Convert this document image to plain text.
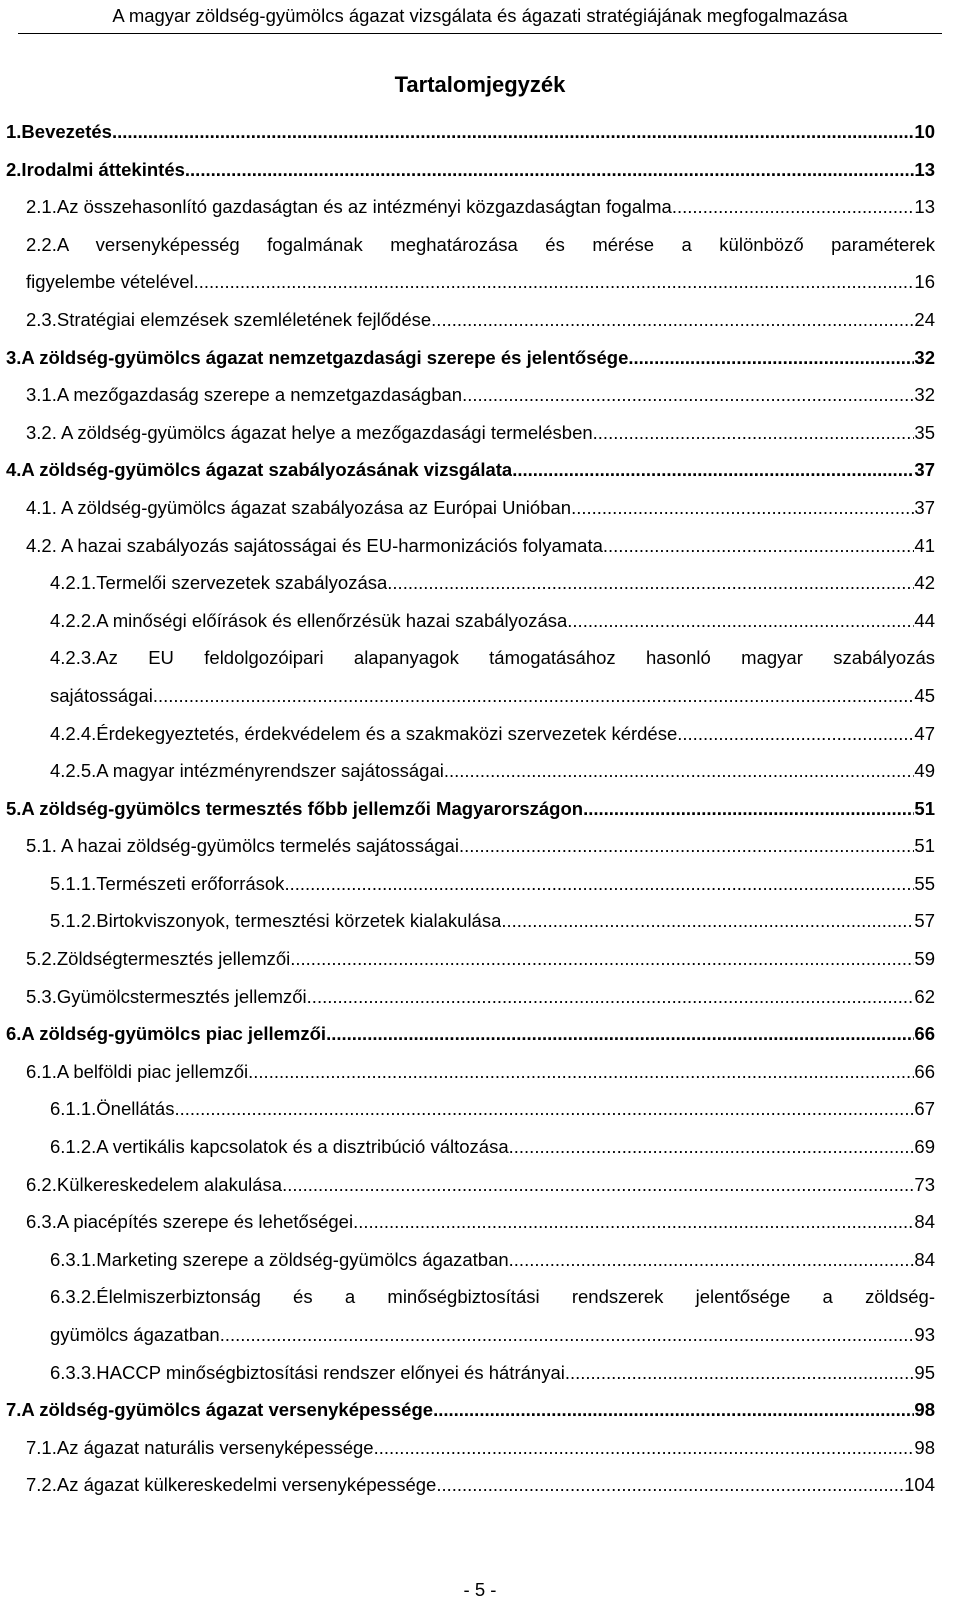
A magyar zöldség-gyümölcs ágazat vizsgálata és ágazati stratégiájának megfogalmazása
Tartalomjegyzék
1.Bevezetés .....	10
2.Irodalmi áttekintés .....	13
2.1.Az összehasonlító gazdaságtan és az intézményi közgazdaságtan fogalma .....	13
2.2.A versenyképesség fogalmának meghatározása és mérése a különböző paraméterek
figyelembe vételével .....	16
2.3.Stratégiai elemzések szemléletének fejlődése .....	24
3.A zöldség-gyümölcs ágazat nemzetgazdasági szerepe és jelentősége .....	32
3.1.A mezőgazdaság szerepe a nemzetgazdaságban .....	32
3.2. A zöldség-gyümölcs ágazat helye a mezőgazdasági termelésben .....	35
4.A zöldség-gyümölcs ágazat szabályozásának vizsgálata .....	37
4.1. A zöldség-gyümölcs ágazat szabályozása az Európai Unióban .....	37
4.2. A hazai szabályozás sajátosságai és EU-harmonizációs folyamata .....	41
4.2.1.Termelői szervezetek szabályozása .....	42
4.2.2.A minőségi előírások és ellenőrzésük hazai szabályozása .....	44
4.2.3.Az EU feldolgozóipari alapanyagok támogatásához hasonló magyar szabályozás
sajátosságai .....	45
4.2.4.Érdekegyeztetés, érdekvédelem és a szakmaközi szervezetek kérdése .....	47
4.2.5.A magyar intézményrendszer sajátosságai .....	49
5.A zöldség-gyümölcs termesztés főbb jellemzői Magyarországon .....	51
5.1. A hazai zöldség-gyümölcs termelés sajátosságai .....	51
5.1.1.Természeti erőforrások .....	55
5.1.2.Birtokviszonyok, termesztési körzetek kialakulása .....	57
5.2.Zöldségtermesztés jellemzői .....	59
5.3.Gyümölcstermesztés jellemzői .....	62
6.A zöldség-gyümölcs piac jellemzői .....	66
6.1.A belföldi piac jellemzői .....	66
6.1.1.Önellátás .....	67
6.1.2.A vertikális kapcsolatok és a disztribúció változása .....	69
6.2.Külkereskedelem alakulása .....	73
6.3.A piacépítés szerepe és lehetőségei .....	84
6.3.1.Marketing szerepe a zöldség-gyümölcs ágazatban .....	84
6.3.2.Élelmiszerbiztonság és a minőségbiztosítási rendszerek jelentősége a zöldség-
gyümölcs ágazatban .....	93
6.3.3.HACCP minőségbiztosítási rendszer előnyei és hátrányai .....	95
7.A zöldség-gyümölcs ágazat versenyképessége .....	98
7.1.Az ágazat naturális versenyképessége .....	98
7.2.Az ágazat külkereskedelmi versenyképessége .....	104
- 5 -
